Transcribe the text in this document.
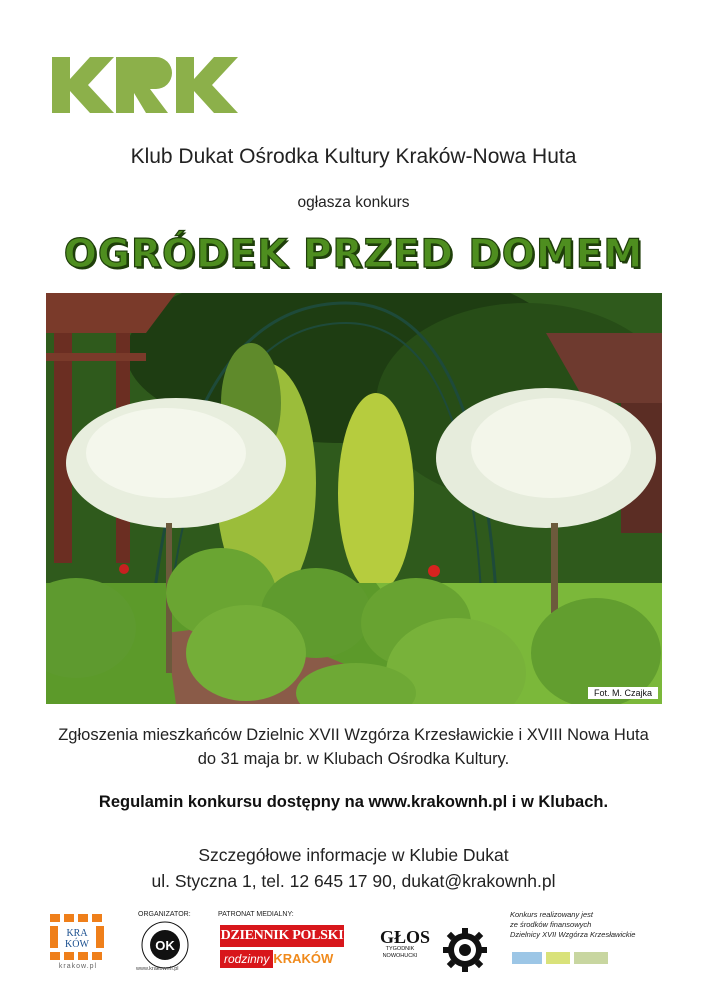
Klub Dukat Ośrodka Kultury Kraków-Nowa Huta
ogłasza konkurs
OGRÓDEK PRZED DOMEM
Fot. M. Czajka
Zgłoszenia mieszkańców Dzielnic XVII Wzgórza Krzesławickie i XVIII Nowa Huta
do 31 maja br. w Klubach Ośrodka Kultury.
Regulamin konkursu dostępny na www.krakownh.pl i w Klubach.
Szczegółowe informacje w Klubie Dukat
ul. Styczna 1, tel. 12 645 17 90, dukat@krakownh.pl
KRA
KÓW
krakow.pl
ORGANIZATOR:
OK
www.krakownh.pl
PATRONAT MEDIALNY:
DZIENNIK POLSKI
rodzinny KRAKÓW
GŁOS
TYGODNIK NOWOHUCKI
Konkurs realizowany jest
ze środków finansowych
Dzielnicy XVII Wzgórza Krzesławickie
